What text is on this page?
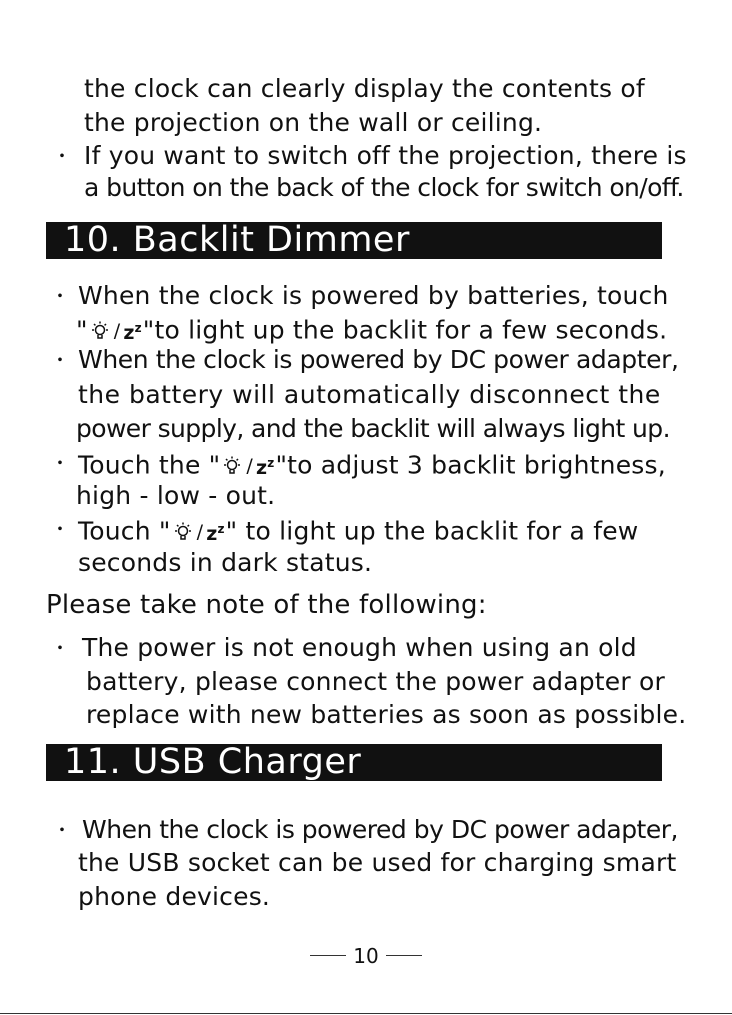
the clock can clearly display the contents of
the projection on the wall or ceiling.
・ If you want to switch off the projection, there is
a button on the back of the clock for switch on/off.
10. Backlit Dimmer
・ When the clock is powered by batteries, touch
" / $z^z$ "to light up the backlit for a few seconds.
・ When the clock is powered by DC power adapter,
the battery will automatically disconnect the
power supply, and the backlit will always light up.
・ Touch the " / $z^z$ "to adjust 3 backlit brightness,
high - low - out.
・ Touch " / $z^z$ " to light up the backlit for a few
seconds in dark status.
Please take note of the following:
・ The power is not enough when using an old
battery, please connect the power adapter or
replace with new batteries as soon as possible.
11. USB Charger
・ When the clock is powered by DC power adapter,
the USB socket can be used for charging smart
phone devices.
10
